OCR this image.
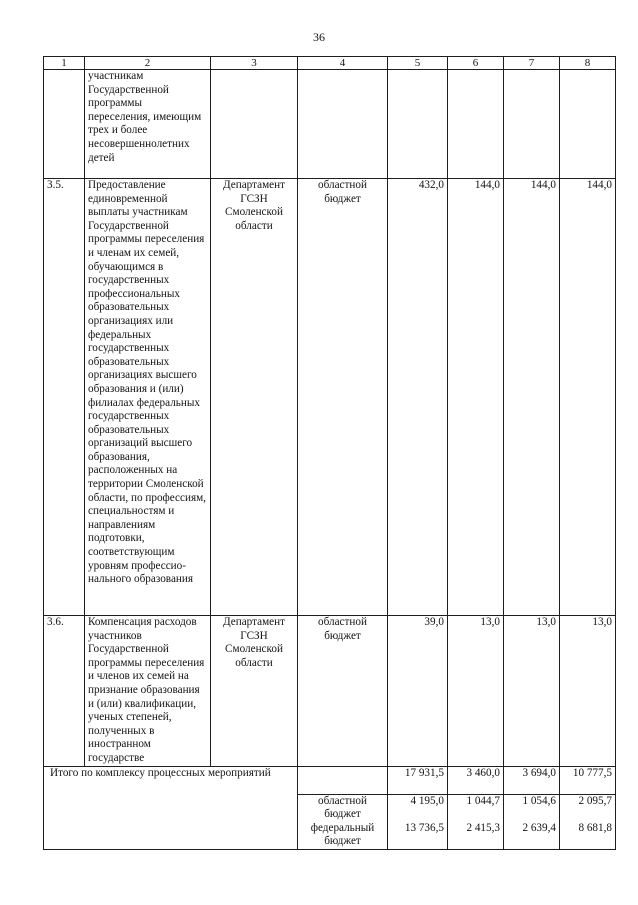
36
1	2	3	4	5	6	7	8
	участникам Государственной программы переселения, имеющим трех и более несовершеннолетних детей						
3.5.	Предоставление единовременной выплаты участникам Государственной программы переселения и членам их семей, обучающимся в государственных профессиональных образовательных организациях или федеральных государственных образовательных организациях высшего образования и (или) филиалах федеральных государственных образовательных организаций высшего образования, расположенных на территории Смоленской области, по профессиям, специальностям и направлениям подготовки, соответствующим уровням профессио-нального образования	Департамент ГСЗН Смоленской области	областной бюджет	432,0	144,0	144,0	144,0
3.6.	Компенсация расходов участников Государственной программы переселения и членов их семей на признание образования и (или) квалификации, ученых степеней, полученных в иностранном государстве	Департамент ГСЗН Смоленской области	областной бюджет	39,0	13,0	13,0	13,0
Итого по комплексу процессных мероприятий				17 931,5	3 460,0	3 694,0	10 777,5
			областной бюджет	4 195,0	1 044,7	1 054,6	2 095,7
			федеральный бюджет	13 736,5	2 415,3	2 639,4	8 681,8
